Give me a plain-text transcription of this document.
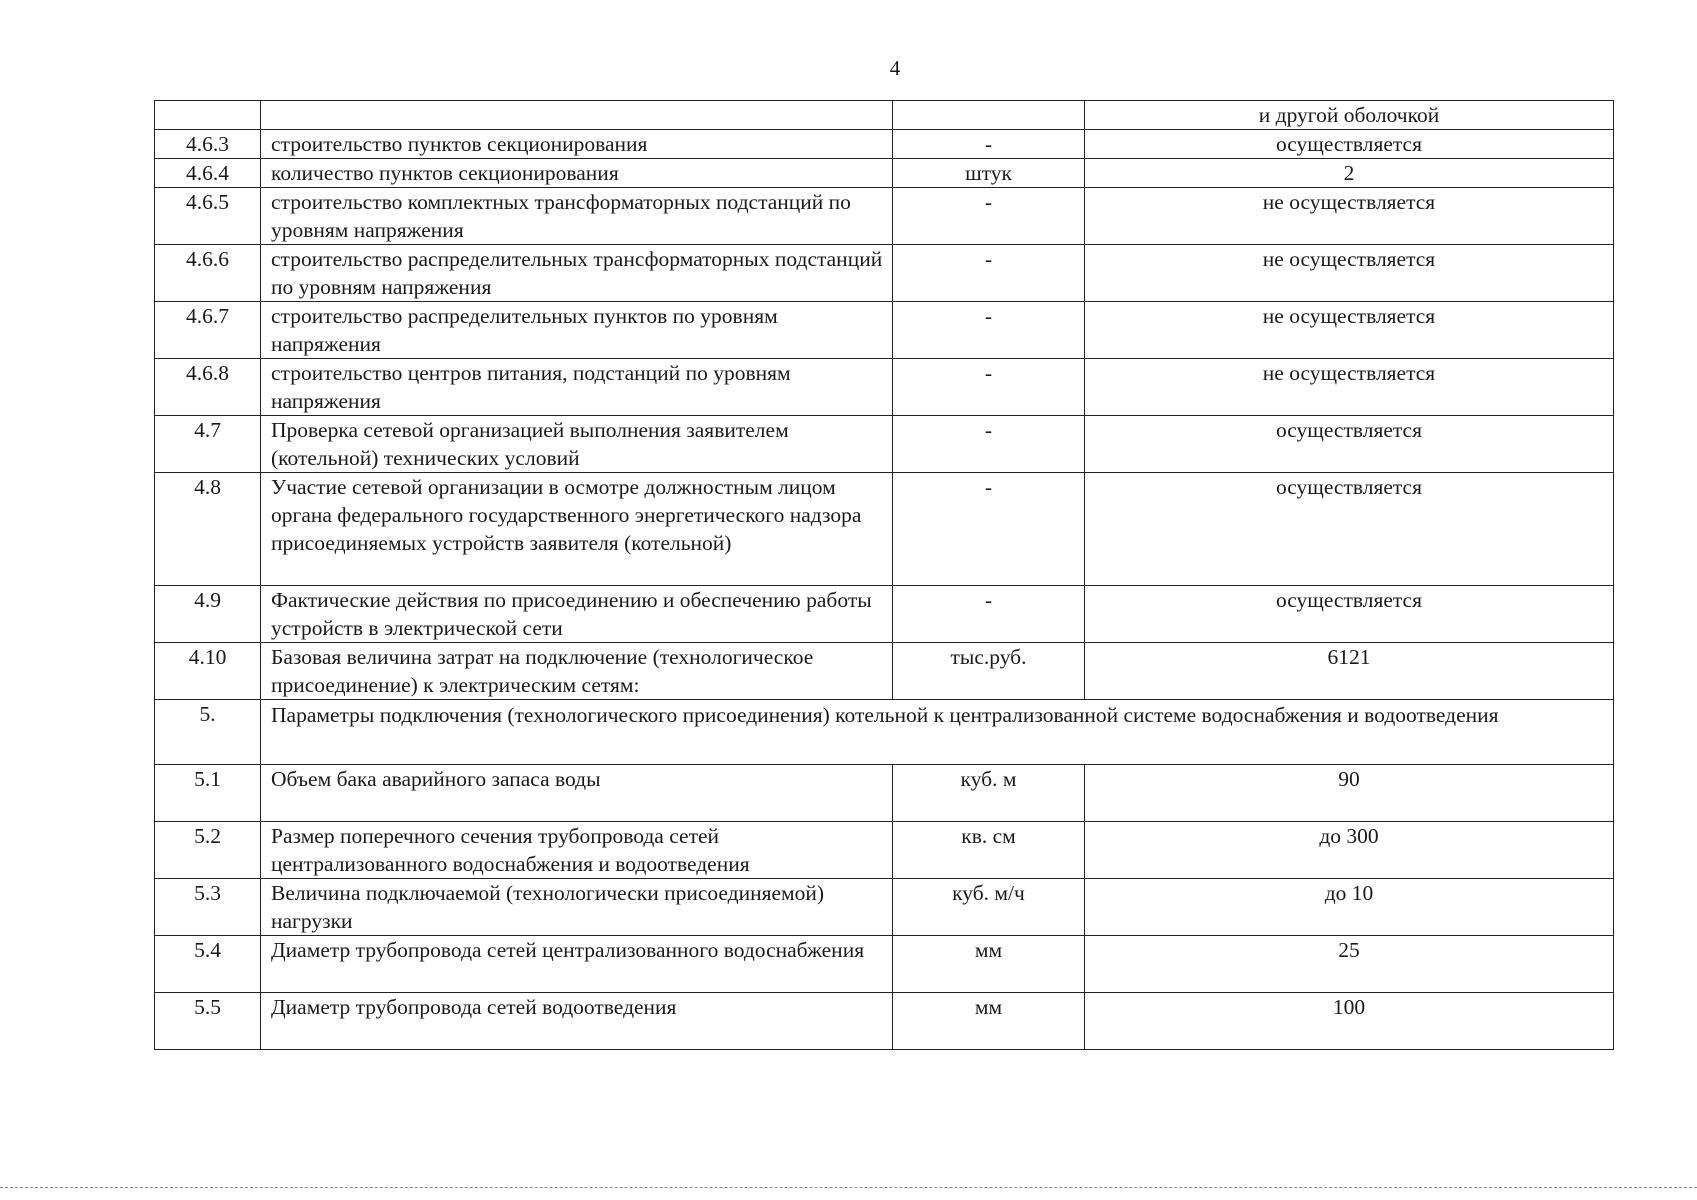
4
			и другой оболочкой
4.6.3	строительство пунктов секционирования	-	осуществляется
4.6.4	количество пунктов секционирования	штук	2
4.6.5	строительство комплектных трансформаторных подстанций по уровням напряжения	-	не осуществляется
4.6.6	строительство распределительных трансформаторных подстанций по уровням напряжения	-	не осуществляется
4.6.7	строительство распределительных пунктов по уровням напряжения	-	не осуществляется
4.6.8	строительство центров питания, подстанций по уровням напряжения	-	не осуществляется
4.7	Проверка сетевой организацией выполнения заявителем (котельной) технических условий	-	осуществляется
4.8	Участие сетевой организации в осмотре должностным лицом органа федерального государственного энергетического надзора присоединяемых устройств заявителя (котельной)	-	осуществляется
4.9	Фактические действия по присоединению и обеспечению работы устройств в электрической сети	-	осуществляется
4.10	Базовая величина затрат на подключение (технологическое присоединение) к электрическим сетям:	тыс.руб.	6121
5.	Параметры подключения (технологического присоединения) котельной к централизованной системе водоснабжения и водоотведения		
5.1	Объем бака аварийного запаса воды	куб. м	90
5.2	Размер поперечного сечения трубопровода сетей централизованного водоснабжения и водоотведения	кв. см	до 300
5.3	Величина подключаемой (технологически присоединяемой) нагрузки	куб. м/ч	до 10
5.4	Диаметр трубопровода сетей централизованного водоснабжения	мм	25
5.5	Диаметр трубопровода сетей водоотведения	мм	100
